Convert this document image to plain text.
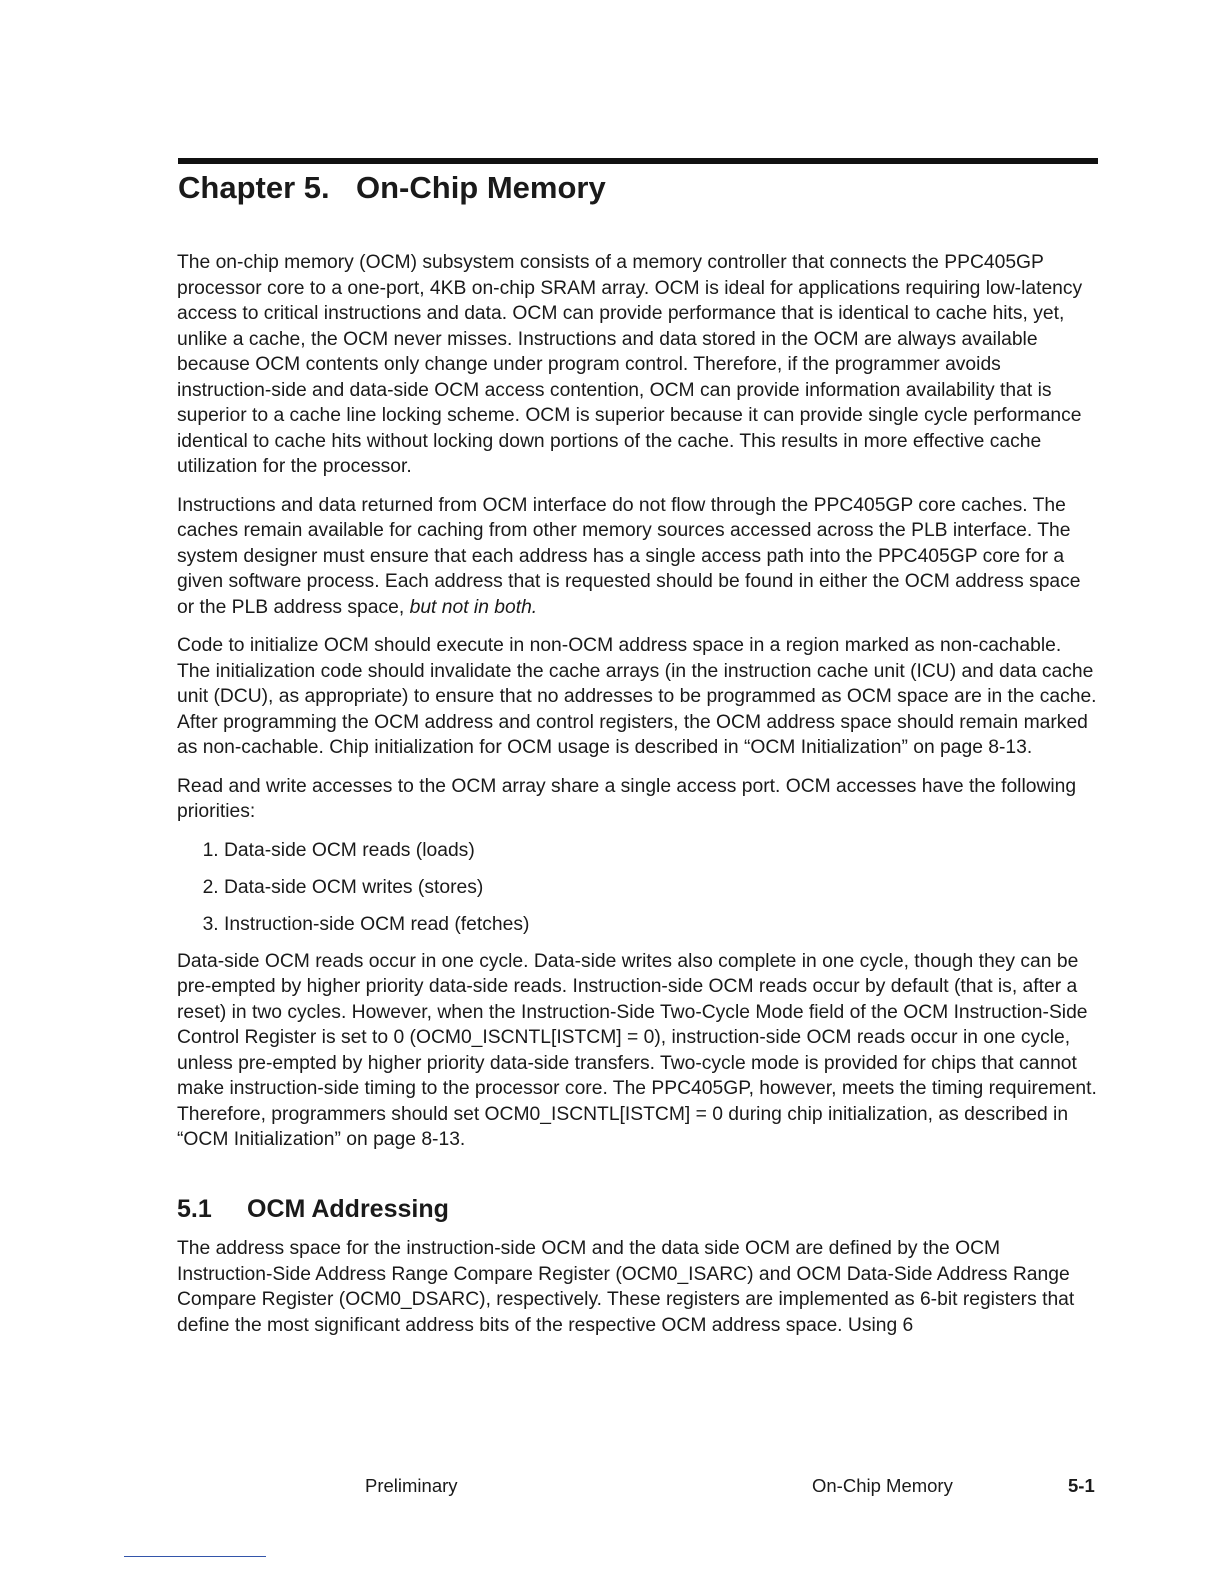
Chapter 5. On-Chip Memory

The on-chip memory (OCM) subsystem consists of a memory controller that connects the PPC405GP processor core to a one-port, 4KB on-chip SRAM array. OCM is ideal for applications requiring low-latency access to critical instructions and data. OCM can provide performance that is identical to cache hits, yet, unlike a cache, the OCM never misses. Instructions and data stored in the OCM are always available because OCM contents only change under program control. Therefore, if the programmer avoids instruction-side and data-side OCM access contention, OCM can provide information availability that is superior to a cache line locking scheme. OCM is superior because it can provide single cycle performance identical to cache hits without locking down portions of the cache. This results in more effective cache utilization for the processor.

Instructions and data returned from OCM interface do not flow through the PPC405GP core caches. The caches remain available for caching from other memory sources accessed across the PLB interface. The system designer must ensure that each address has a single access path into the PPC405GP core for a given software process. Each address that is requested should be found in either the OCM address space or the PLB address space, but not in both.

Code to initialize OCM should execute in non-OCM address space in a region marked as non-cachable. The initialization code should invalidate the cache arrays (in the instruction cache unit (ICU) and data cache unit (DCU), as appropriate) to ensure that no addresses to be programmed as OCM space are in the cache. After programming the OCM address and control registers, the OCM address space should remain marked as non-cachable. Chip initialization for OCM usage is described in “OCM Initialization” on page 8-13.

Read and write accesses to the OCM array share a single access port. OCM accesses have the following priorities:

1. Data-side OCM reads (loads)
2. Data-side OCM writes (stores)
3. Instruction-side OCM read (fetches)

Data-side OCM reads occur in one cycle. Data-side writes also complete in one cycle, though they can be pre-empted by higher priority data-side reads. Instruction-side OCM reads occur by default (that is, after a reset) in two cycles. However, when the Instruction-Side Two-Cycle Mode field of the OCM Instruction-Side Control Register is set to 0 (OCM0_ISCNTL[ISTCM] = 0), instruction-side OCM reads occur in one cycle, unless pre-empted by higher priority data-side transfers. Two-cycle mode is provided for chips that cannot make instruction-side timing to the processor core. The PPC405GP, however, meets the timing requirement. Therefore, programmers should set OCM0_ISCNTL[ISTCM] = 0 during chip initialization, as described in “OCM Initialization” on page 8-13.

5.1 OCM Addressing

The address space for the instruction-side OCM and the data side OCM are defined by the OCM Instruction-Side Address Range Compare Register (OCM0_ISARC) and OCM Data-Side Address Range Compare Register (OCM0_DSARC), respectively. These registers are implemented as 6-bit registers that define the most significant address bits of the respective OCM address space. Using 6

Preliminary	On-Chip Memory	5-1
